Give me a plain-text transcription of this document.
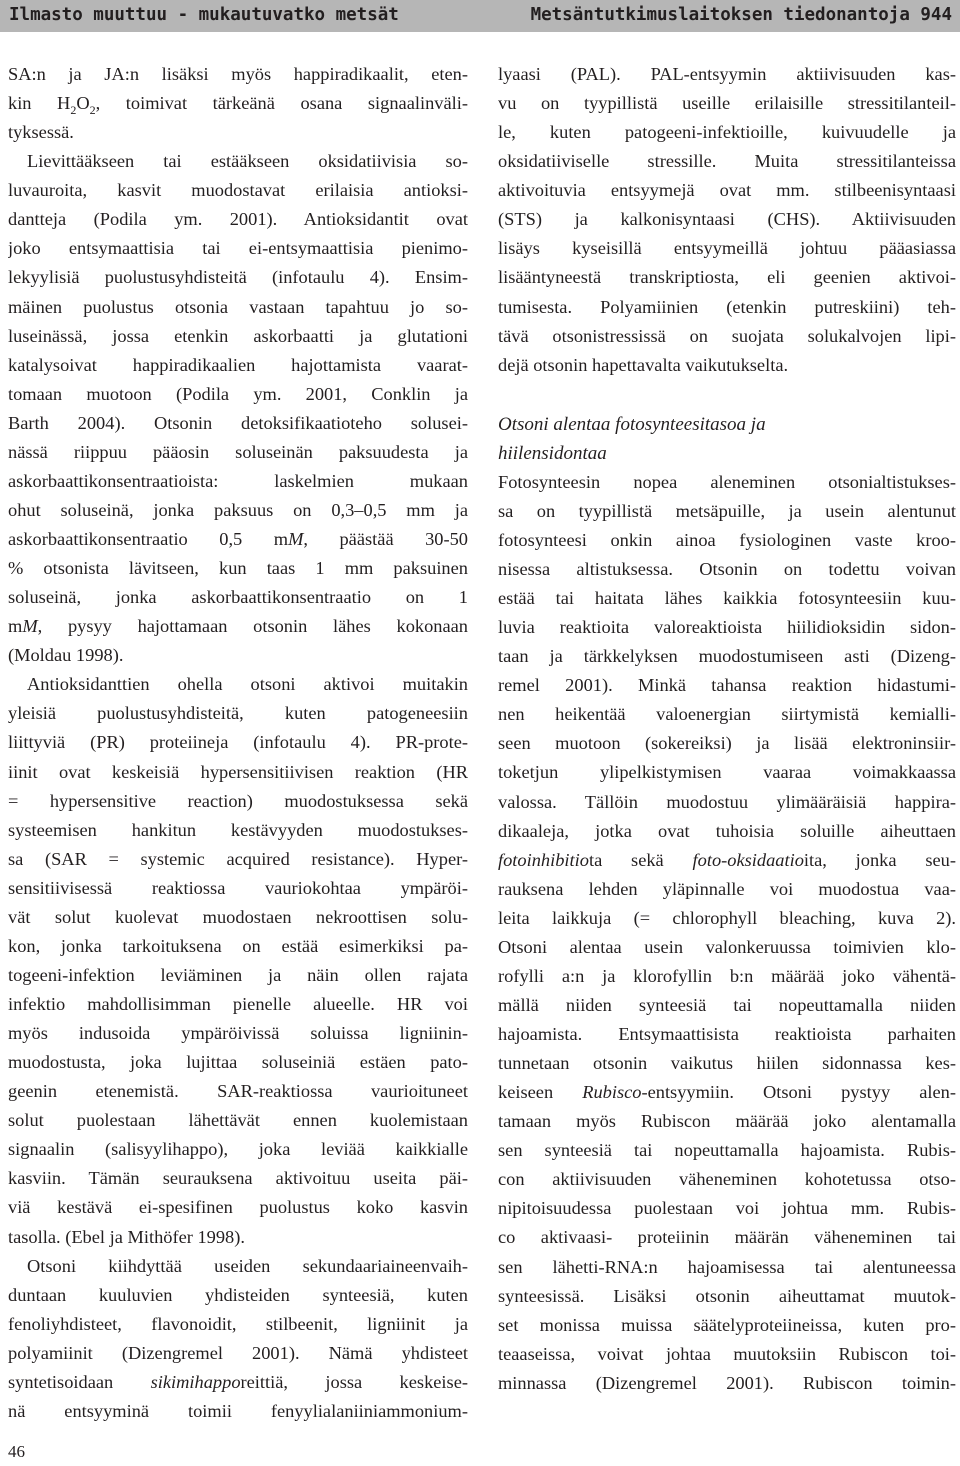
Ilmasto muuttuu - mukautuvatko metsät	Metsäntutkimuslaitoksen tiedonantoja 944
SA:n ja JA:n lisäksi myös happiradikaalit, eten-
kin $H_2O_2$, toimivat tärkeänä osana signaalinväli-
tyksessä.
Lievittääkseen tai estääkseen oksidatiivisia so-
luvauroita, kasvit muodostavat erilaisia antioksi-
dantteja (Podila ym. 2001). Antioksidantit ovat
joko entsymaattisia tai ei-entsymaattisia pienimo-
lekyylisiä puolustusyhdisteitä (infotaulu 4). Ensim-
mäinen puolustus otsonia vastaan tapahtuu jo so-
luseinässä, jossa etenkin askorbaatti ja glutationi
katalysoivat happiradikaalien hajottamista vaarat-
tomaan muotoon (Podila ym. 2001, Conklin ja
Barth 2004). Otsonin detoksifikaatioteho solusei-
nässä riippuu pääosin soluseinän paksuudesta ja
askorbaattikonsentraatioista: laskelmien mukaan
ohut soluseinä, jonka paksuus on 0,3–0,5 mm ja
askorbaattikonsentraatio 0,5 mM, päästää 30-50
% otsonista lävitseen, kun taas 1 mm paksuinen
soluseinä, jonka askorbaattikonsentraatio on 1
mM, pysyy hajottamaan otsonin lähes kokonaan
(Moldau 1998).
Antioksidanttien ohella otsoni aktivoi muitakin
yleisiä puolustusyhdisteitä, kuten patogeneesiin
liittyviä (PR) proteiineja (infotaulu 4). PR-prote-
iinit ovat keskeisiä hypersensitiivisen reaktion (HR
= hypersensitive reaction) muodostuksessa sekä
systeemisen hankitun kestävyyden muodostukses-
sa (SAR = systemic acquired resistance). Hyper-
sensitiivisessä reaktiossa vauriokohtaa ympäröi-
vät solut kuolevat muodostaen nekroottisen solu-
kon, jonka tarkoituksena on estää esimerkiksi pa-
togeeni-infektion leviäminen ja näin ollen rajata
infektio mahdollisimman pienelle alueelle. HR voi
myös indusoida ympäröivissä soluissa ligniinin-
muodostusta, joka lujittaa soluseiniä estäen pato-
geenin etenemistä. SAR-reaktiossa vaurioituneet
solut puolestaan lähettävät ennen kuolemistaan
signaalin (salisyylihappo), joka leviää kaikkialle
kasviin. Tämän seurauksena aktivoituu useita päi-
viä kestävä ei-spesifinen puolustus koko kasvin
tasolla. (Ebel ja Mithöfer 1998).
Otsoni kiihdyttää useiden sekundaariaineenvaih-
duntaan kuuluvien yhdisteiden synteesiä, kuten
fenoliyhdisteet, flavonoidit, stilbeenit, ligniinit ja
polyamiinit (Dizengremel 2001). Nämä yhdisteet
syntetisoidaan sikimihapporeittiä, jossa keskeise-
nä entsyyminä toimii fenyylialaniiniammonium-
lyaasi (PAL). PAL-entsyymin aktiivisuuden kas-
vu on tyypillistä useille erilaisille stressitilanteil-
le, kuten patogeeni-infektioille, kuivuudelle ja
oksidatiiviselle stressille. Muita stressitilanteissa
aktivoituvia entsyymejä ovat mm. stilbeenisyntaasi
(STS) ja kalkonisyntaasi (CHS). Aktiivisuuden
lisäys kyseisillä entsyymeillä johtuu pääasiassa
lisääntyneestä transkriptiosta, eli geenien aktivoi-
tumisesta. Polyamiinien (etenkin putreskiini) teh-
tävä otsonistressissä on suojata solukalvojen lipi-
dejä otsonin hapettavalta vaikutukselta.
Otsoni alentaa fotosynteesitasoa ja
hiilensidontaa
Fotosynteesin nopea aleneminen otsonialtistukses-
sa on tyypillistä metsäpuille, ja usein alentunut
fotosynteesi onkin ainoa fysiologinen vaste kroo-
nisessa altistuksessa. Otsonin on todettu voivan
estää tai haitata lähes kaikkia fotosynteesiin kuu-
luvia reaktioita valoreaktioista hiilidioksidin sidon-
taan ja tärkkelyksen muodostumiseen asti (Dizeng-
remel 2001). Minkä tahansa reaktion hidastumi-
nen heikentää valoenergian siirtymistä kemialli-
seen muotoon (sokereiksi) ja lisää elektroninsiir-
toketjun ylipelkistymisen vaaraa voimakkaassa
valossa. Tällöin muodostuu ylimääräisiä happira-
dikaaleja, jotka ovat tuhoisia soluille aiheuttaen
fotoinhibitiota sekä foto-oksidaatioita, jonka seu-
rauksena lehden yläpinnalle voi muodostua vaa-
leita laikkuja (= chlorophyll bleaching, kuva 2).
Otsoni alentaa usein valonkeruussa toimivien klo-
rofylli a:n ja klorofyllin b:n määrää joko vähentä-
mällä niiden synteesiä tai nopeuttamalla niiden
hajoamista. Entsymaattisista reaktioista parhaiten
tunnetaan otsonin vaikutus hiilen sidonnassa kes-
keiseen Rubisco-entsyymiin. Otsoni pystyy alen-
tamaan myös Rubiscon määrää joko alentamalla
sen synteesiä tai nopeuttamalla hajoamista. Rubis-
con aktiivisuuden väheneminen kohotetussa otso-
nipitoisuudessa puolestaan voi johtua mm. Rubis-
co aktivaasi- proteiinin määrän väheneminen tai
sen lähetti-RNA:n hajoamisessa tai alentuneessa
synteesissä. Lisäksi otsonin aiheuttamat muutok-
set monissa muissa säätelyproteiineissa, kuten pro-
teaaseissa, voivat johtaa muutoksiin Rubiscon toi-
minnassa (Dizengremel 2001). Rubiscon toimin-
46
